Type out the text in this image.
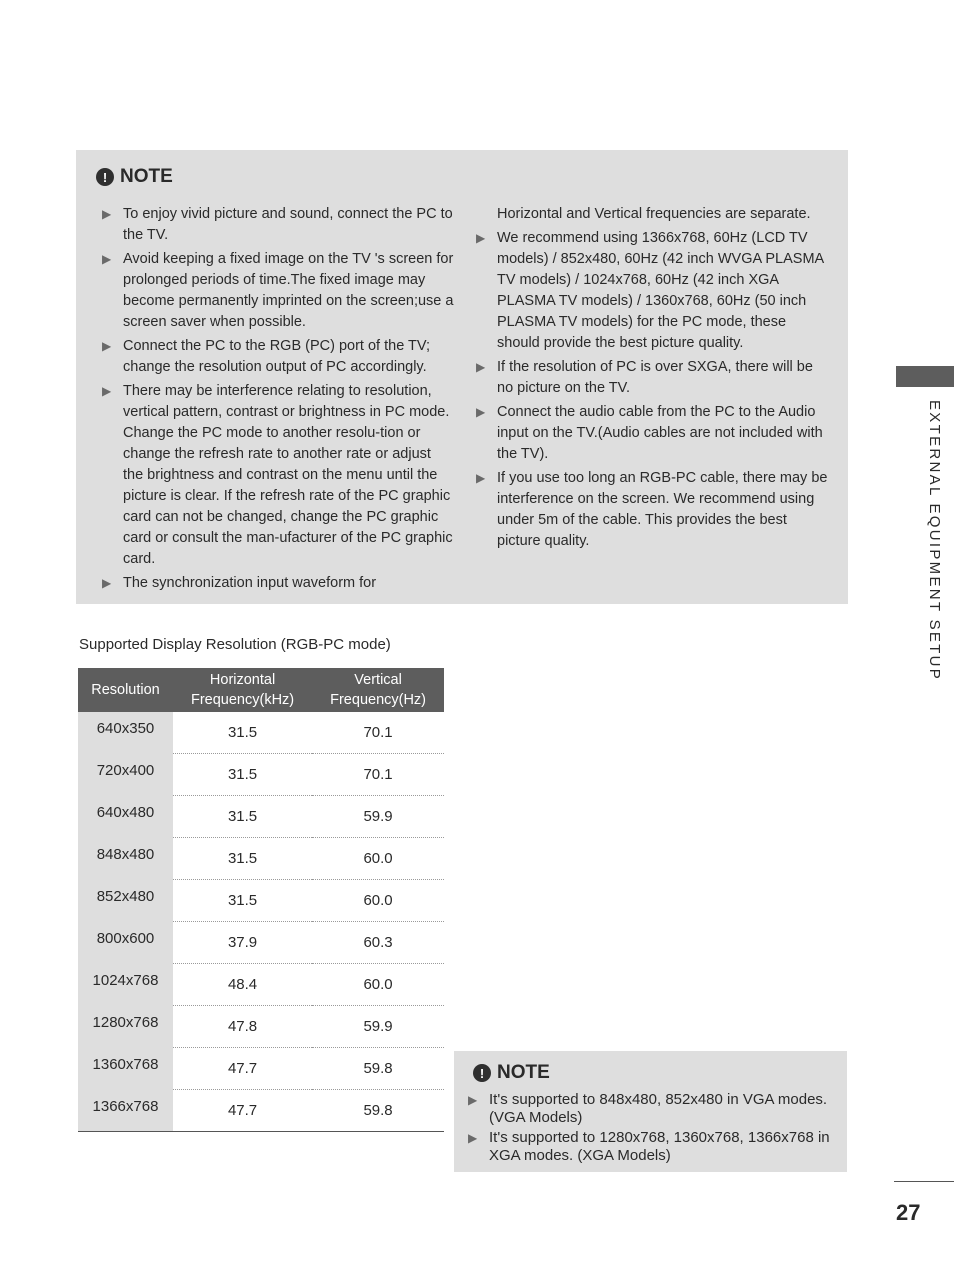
! NOTE
▶ To enjoy vivid picture and sound, connect the PC to the TV.
▶ Avoid keeping a fixed image on the TV 's screen for prolonged periods of time.The fixed image may become permanently imprinted on the screen;use a screen saver when possible.
▶ Connect the PC to the RGB (PC) port of the TV; change the resolution output of PC accordingly.
▶ There may be interference relating to resolution, vertical pattern, contrast or brightness in PC mode. Change the PC mode to another resolu-tion or change the refresh rate to another rate or adjust the brightness and contrast on the menu until the picture is clear. If the refresh rate of the PC graphic card can not be changed, change the PC graphic card or consult the man-ufacturer of the PC graphic card.
▶ The synchronization input waveform for
Horizontal and Vertical frequencies are separate.
▶ We recommend using 1366x768, 60Hz (LCD TV models) / 852x480, 60Hz (42 inch WVGA PLASMA TV models) / 1024x768, 60Hz (42 inch XGA PLASMA TV models) / 1360x768, 60Hz (50 inch PLASMA TV models) for the PC mode, these should provide the best picture quality.
▶ If the resolution of PC is over SXGA, there will be no picture on the TV.
▶ Connect the audio cable from the PC to the Audio input on the TV.(Audio cables are not included with the TV).
▶ If you use too long an RGB-PC cable, there may be interference on the screen. We recommend using under 5m of the cable. This provides the best picture quality.
Supported Display Resolution (RGB-PC mode)
Resolution	Horizontal Frequency(kHz)	Vertical Frequency(Hz)
640x350	31.5	70.1
720x400	31.5	70.1
640x480	31.5	59.9
848x480	31.5	60.0
852x480	31.5	60.0
800x600	37.9	60.3
1024x768	48.4	60.0
1280x768	47.8	59.9
1360x768	47.7	59.8
1366x768	47.7	59.8
! NOTE
▶ It's supported to 848x480, 852x480 in VGA modes. (VGA Models)
▶ It's supported to 1280x768, 1360x768, 1366x768 in XGA modes. (XGA Models)
EXTERNAL EQUIPMENT SETUP
27
